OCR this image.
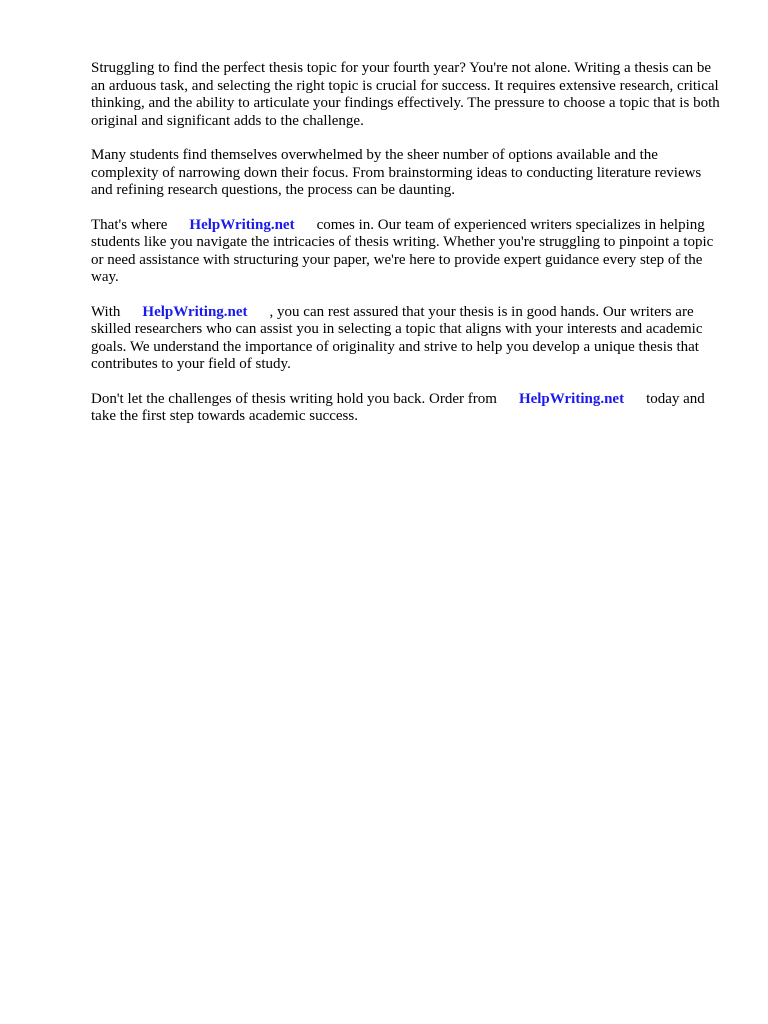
Struggling to find the perfect thesis topic for your fourth year? You're not alone. Writing a thesis can be an arduous task, and selecting the right topic is crucial for success. It requires extensive research, critical thinking, and the ability to articulate your findings effectively. The pressure to choose a topic that is both original and significant adds to the challenge.

Many students find themselves overwhelmed by the sheer number of options available and the complexity of narrowing down their focus. From brainstorming ideas to conducting literature reviews and refining research questions, the process can be daunting.

That's where HelpWriting.net comes in. Our team of experienced writers specializes in helping students like you navigate the intricacies of thesis writing. Whether you're struggling to pinpoint a topic or need assistance with structuring your paper, we're here to provide expert guidance every step of the way.

With HelpWriting.net , you can rest assured that your thesis is in good hands. Our writers are skilled researchers who can assist you in selecting a topic that aligns with your interests and academic goals. We understand the importance of originality and strive to help you develop a unique thesis that contributes to your field of study.

Don't let the challenges of thesis writing hold you back. Order from HelpWriting.net today and take the first step towards academic success.
